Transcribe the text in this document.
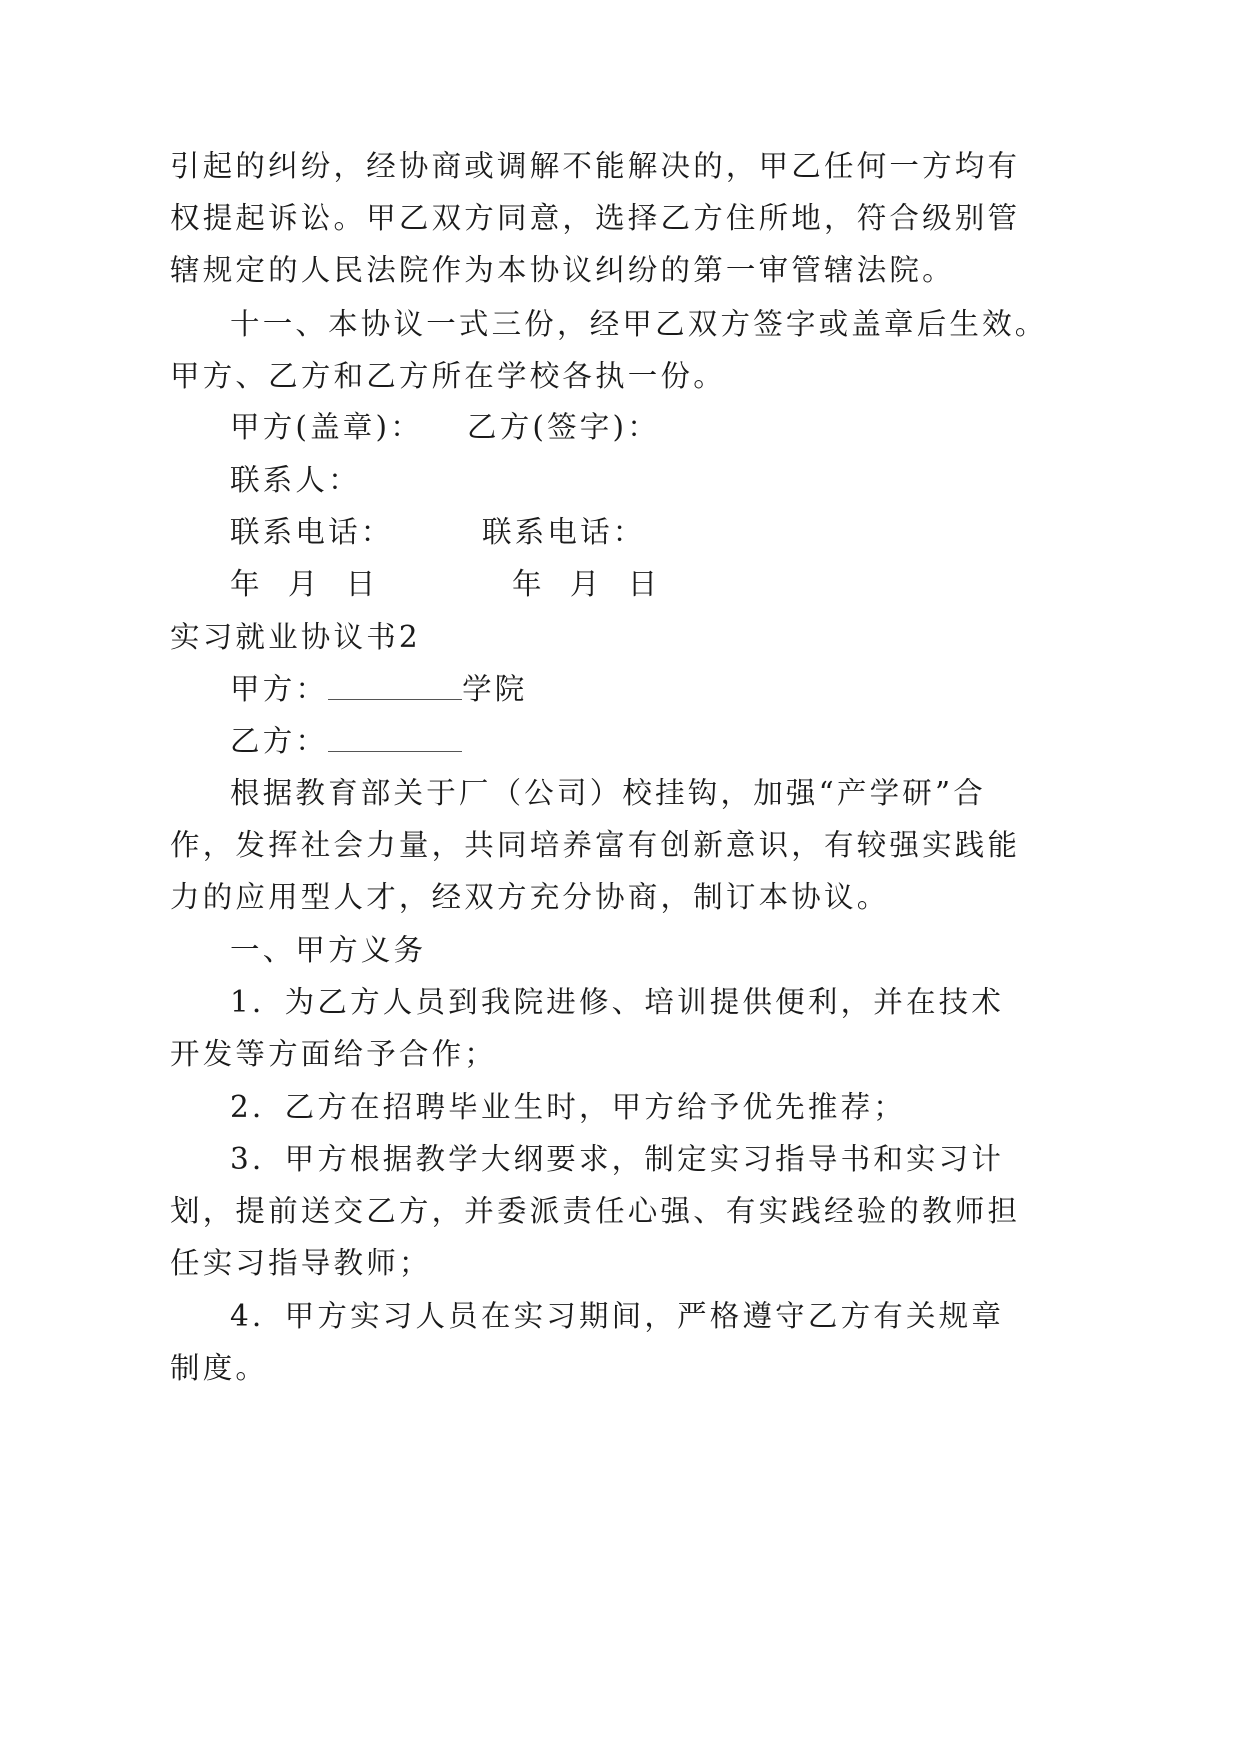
引起的纠纷，经协商或调解不能解决的，甲乙任何一方均有
权提起诉讼。甲乙双方同意，选择乙方住所地，符合级别管
辖规定的人民法院作为本协议纠纷的第一审管辖法院。
十一、本协议一式三份，经甲乙双方签字或盖章后生效。
甲方、乙方和乙方所在学校各执一份。
甲方(盖章)： 乙方(签字)：
联系人：
联系电话：	联系电话：
年  月  日	年  月  日
实习就业协议书2
甲方：	学院
乙方：
根据教育部关于厂（公司）校挂钩，加强“产学研”合
作，发挥社会力量，共同培养富有创新意识，有较强实践能
力的应用型人才，经双方充分协商，制订本协议。
一、甲方义务
1．为乙方人员到我院进修、培训提供便利，并在技术
开发等方面给予合作；
2．乙方在招聘毕业生时，甲方给予优先推荐；
3．甲方根据教学大纲要求，制定实习指导书和实习计
划，提前送交乙方，并委派责任心强、有实践经验的教师担
任实习指导教师；
4．甲方实习人员在实习期间，严格遵守乙方有关规章
制度。
